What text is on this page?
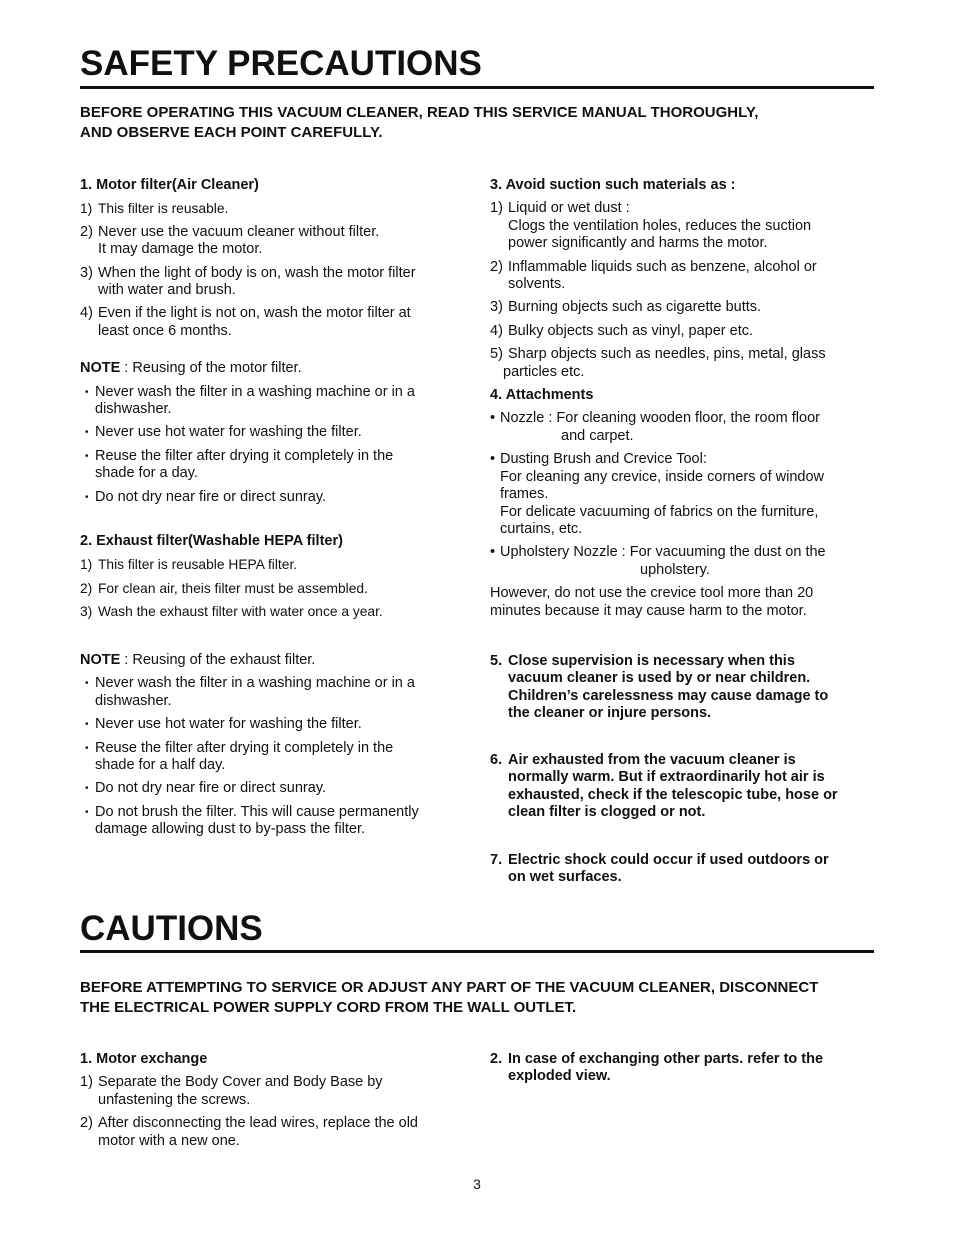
SAFETY PRECAUTIONS

BEFORE OPERATING THIS VACUUM CLEANER, READ THIS SERVICE MANUAL THOROUGHLY,
AND OBSERVE EACH POINT CAREFULLY.

1. Motor filter(Air Cleaner)

1) This filter is reusable.

2) Never use the vacuum cleaner without filter.
It may damage the motor.

3) When the light of body is on, wash the motor filter
with water and brush.

4) Even if the light is not on, wash the motor filter at
least once 6 months.

NOTE : Reusing of the motor filter.

• Never wash the filter in a washing machine or in a
dishwasher.

• Never use hot water for washing the filter.

• Reuse the filter after drying it completely in the
shade for a day.

• Do not dry near fire or direct sunray.

2. Exhaust filter(Washable HEPA filter)

1) This filter is reusable HEPA filter.

2) For clean air, theis filter must be assembled.

3) Wash the exhaust filter with water once a year.

NOTE : Reusing of the exhaust filter.

• Never wash the filter in a washing machine or in a
dishwasher.

• Never use hot water for washing the filter.

• Reuse the filter after drying it completely in the
shade for a half day.

• Do not dry near fire or direct sunray.

• Do not brush the filter. This will cause permanently
damage allowing dust to by-pass the filter.

3. Avoid suction such materials as :

1) Liquid or wet dust :
Clogs the ventilation holes, reduces the suction
power significantly and harms the motor.

2) Inflammable liquids such as benzene, alcohol or
solvents.

3) Burning objects such as cigarette butts.

4) Bulky objects such as vinyl, paper etc.

5) Sharp objects such as needles, pins, metal, glass
particles etc.

4. Attachments

• Nozzle : For cleaning wooden floor, the room floor
and carpet.

• Dusting Brush and Crevice Tool:
For cleaning any crevice, inside corners of window
frames.
For delicate vacuuming of fabrics on the furniture,
curtains, etc.

• Upholstery Nozzle : For vacuuming the dust on the
upholstery.

However, do not use the crevice tool more than 20
minutes because it may cause harm to the motor.

5. Close supervision is necessary when this
vacuum cleaner is used by or near children.
Children’s carelessness may cause damage to
the cleaner or injure persons.

6. Air exhausted from the vacuum cleaner is
normally warm. But if extraordinarily hot air is
exhausted, check if the telescopic tube, hose or
clean filter is clogged or not.

7. Electric shock could occur if used outdoors or
on wet surfaces.

CAUTIONS

BEFORE ATTEMPTING TO SERVICE OR ADJUST ANY PART OF THE VACUUM CLEANER, DISCONNECT
THE ELECTRICAL POWER SUPPLY CORD FROM THE WALL OUTLET.

1. Motor exchange

1) Separate the Body Cover and Body Base by
unfastening the screws.

2) After disconnecting the lead wires, replace the old
motor with a new one.

2. In case of exchanging other parts. refer to the
exploded view.

3
